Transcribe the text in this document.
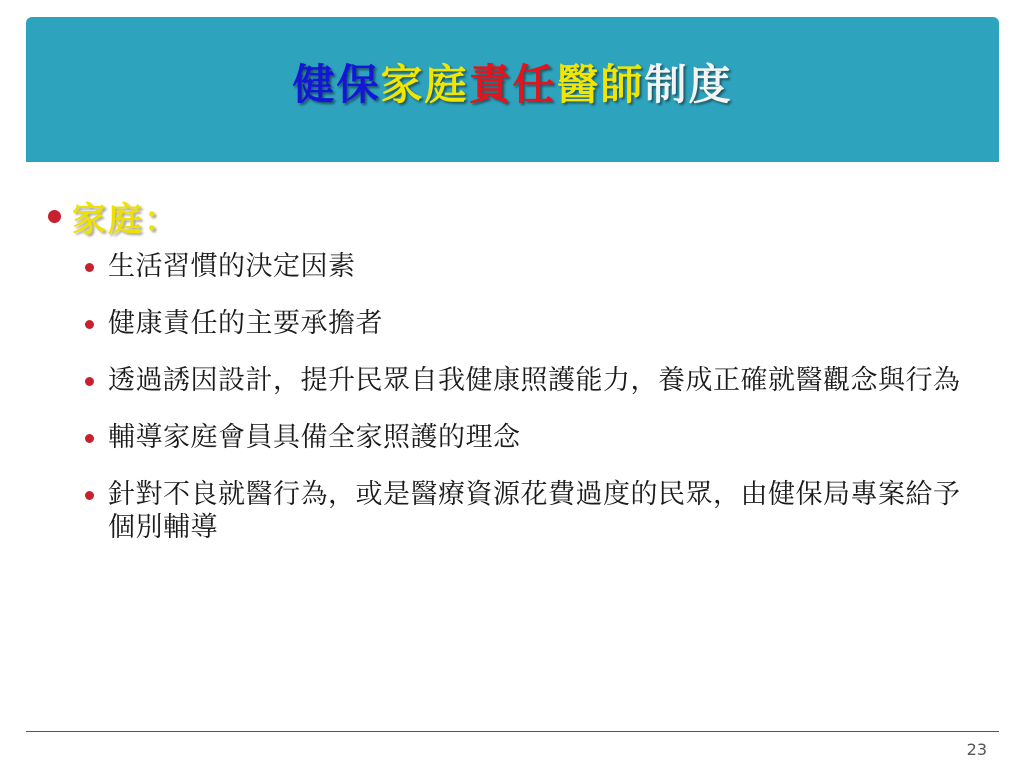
健保家庭責任醫師制度
家庭：
生活習慣的決定因素
健康責任的主要承擔者
透過誘因設計，提升民眾自我健康照護能力，養成正確就醫觀念與行為
輔導家庭會員具備全家照護的理念
針對不良就醫行為，或是醫療資源花費過度的民眾，由健保局專案給予個別輔導
23
